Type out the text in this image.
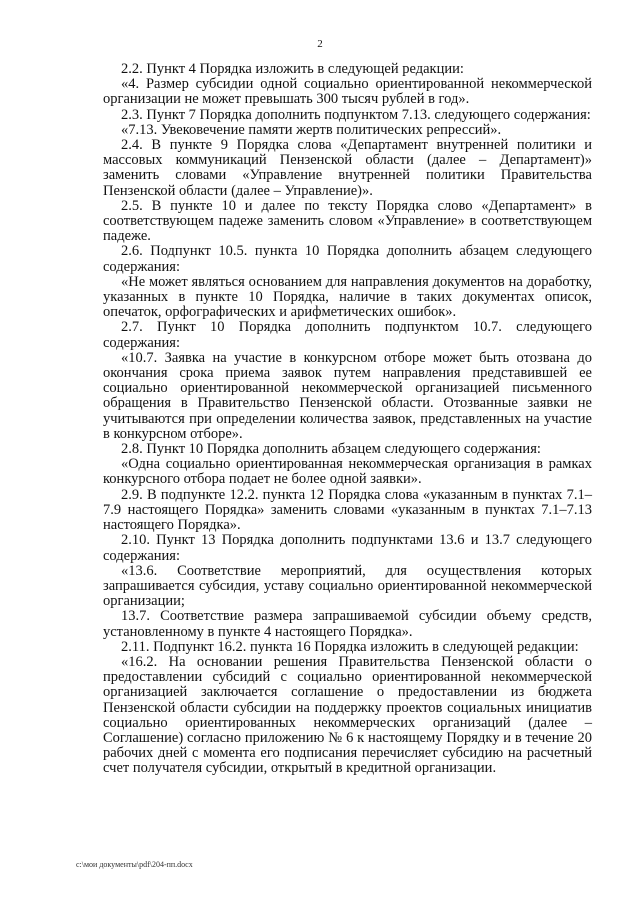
2

2.2. Пункт 4 Порядка изложить в следующей редакции:

«4. Размер субсидии одной социально ориентированной некоммерческой организации не может превышать 300 тысяч рублей в год».

2.3. Пункт 7 Порядка дополнить подпунктом 7.13. следующего содержания:

«7.13. Увековечение памяти жертв политических репрессий».

2.4. В пункте 9 Порядка слова «Департамент внутренней политики и массовых коммуникаций Пензенской области (далее – Департамент)» заменить словами «Управление внутренней политики Правительства Пензенской области (далее – Управление)».

2.5. В пункте 10 и далее по тексту Порядка слово «Департамент» в соответствующем падеже заменить словом «Управление» в соответствующем падеже.

2.6. Подпункт 10.5. пункта 10 Порядка дополнить абзацем следующего содержания:

«Не может являться основанием для направления документов на доработку, указанных в пункте 10 Порядка, наличие в таких документах описок, опечаток, орфографических и арифметических ошибок».

2.7. Пункт 10 Порядка дополнить подпунктом 10.7. следующего содержания:

«10.7. Заявка на участие в конкурсном отборе может быть отозвана до окончания срока приема заявок путем направления представившей ее социально ориентированной некоммерческой организацией письменного обращения в Правительство Пензенской области. Отозванные заявки не учитываются при определении количества заявок, представленных на участие в конкурсном отборе».

2.8. Пункт 10 Порядка дополнить абзацем следующего содержания:

«Одна социально ориентированная некоммерческая организация в рамках конкурсного отбора подает не более одной заявки».

2.9. В подпункте 12.2. пункта 12 Порядка слова «указанным в пунктах 7.1–7.9 настоящего Порядка» заменить словами «указанным в пунктах 7.1–7.13 настоящего Порядка».

2.10. Пункт 13 Порядка дополнить подпунктами 13.6 и 13.7 следующего содержания:

«13.6. Соответствие мероприятий, для осуществления которых запрашивается субсидия, уставу социально ориентированной некоммерческой организации;

13.7. Соответствие размера запрашиваемой субсидии объему средств, установленному в пункте 4 настоящего Порядка».

2.11. Подпункт 16.2. пункта 16 Порядка изложить в следующей редакции:

«16.2. На основании решения Правительства Пензенской области о предоставлении субсидий с социально ориентированной некоммерческой организацией заключается соглашение о предоставлении из бюджета Пензенской области субсидии на поддержку проектов социальных инициатив социально ориентированных некоммерческих организаций (далее – Соглашение) согласно приложению № 6 к настоящему Порядку и в течение 20 рабочих дней с момента его подписания перечисляет субсидию на расчетный счет получателя субсидии, открытый в кредитной организации.

c:\мои документы\pdf\204-пп.docx
